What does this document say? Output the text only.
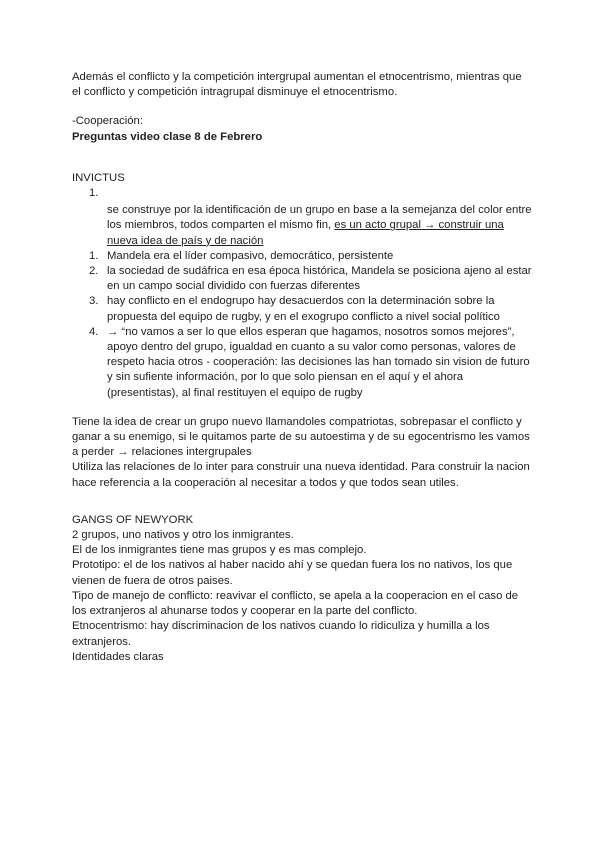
Además el conflicto y la competición intergrupal aumentan el etnocentrismo, mientras que el conflicto y competición intragrupal disminuye el etnocentrismo.

-Cooperación:

Preguntas video clase 8 de Febrero

INVICTUS

1.
se construye por la identificación de un grupo en base a la semejanza del color entre los miembros, todos comparten el mismo fin, es un acto grupal → construir una nueva idea de país y de nación
1. Mandela era el líder compasivo, democrático, persistente
2. la sociedad de sudáfrica en esa época histórica, Mandela se posiciona ajeno al estar en un campo social dividido con fuerzas diferentes
3. hay conflicto en el endogrupo hay desacuerdos con la determinación sobre la propuesta del equipo de rugby, y en el exogrupo conflicto a nivel social político
4. → “no vamos a ser lo que ellos esperan que hagamos, nosotros somos mejores”, apoyo dentro del grupo, igualdad en cuanto a su valor como personas, valores de respeto hacia otros - cooperación: las decisiones las han tomado sin vision de futuro y sin sufiente información, por lo que solo piensan en el aquí y el ahora (presentistas), al final restituyen el equipo de rugby

Tiene la idea de crear un grupo nuevo llamandoles compatriotas, sobrepasar el conflicto y ganar a su enemigo, si le quitamos parte de su autoestima y de su egocentrismo les vamos a perder → relaciones intergrupales

Utiliza las relaciones de lo inter para construir una nueva identidad. Para construir la nacion hace referencia a la cooperación al necesitar a todos y que todos sean utiles.

GANGS OF NEWYORK

2 grupos, uno nativos y otro los inmigrantes.

El de los inmigrantes tiene mas grupos y es mas complejo.

Prototipo: el de los nativos al haber nacido ahí y se quedan fuera los no nativos, los que vienen de fuera de otros paises.

Tipo de manejo de conflicto: reavivar el conflicto, se apela a la cooperacion en el caso de los extranjeros al ahunarse todos y cooperar en la parte del conflicto.

Etnocentrismo: hay discriminacion de los nativos cuando lo ridiculiza y humilla a los extranjeros.

Identidades claras
